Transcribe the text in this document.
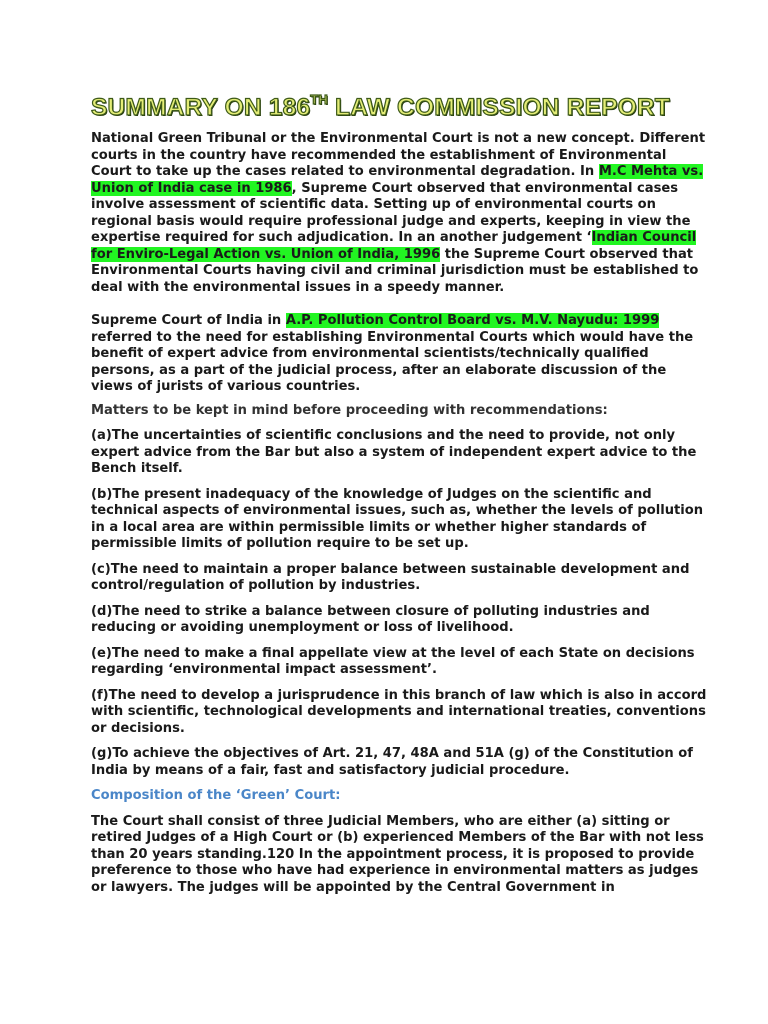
SUMMARY ON 186TH LAW COMMISSION REPORT

National Green Tribunal or the Environmental Court is not a new concept. Different courts in the country have recommended the establishment of Environmental Court to take up the cases related to environmental degradation. In M.C Mehta vs. Union of India case in 1986, Supreme Court observed that environmental cases involve assessment of scientific data. Setting up of environmental courts on regional basis would require professional judge and experts, keeping in view the expertise required for such adjudication. In an another judgement ‘Indian Council for Enviro-Legal Action vs. Union of India, 1996 the Supreme Court observed that Environmental Courts having civil and criminal jurisdiction must be established to deal with the environmental issues in a speedy manner.

Supreme Court of India in A.P. Pollution Control Board vs. M.V. Nayudu: 1999 referred to the need for establishing Environmental Courts which would have the benefit of expert advice from environmental scientists/technically qualified persons, as a part of the judicial process, after an elaborate discussion of the views of jurists of various countries.

Matters to be kept in mind before proceeding with recommendations:

(a)The uncertainties of scientific conclusions and the need to provide, not only expert advice from the Bar but also a system of independent expert advice to the Bench itself.

(b)The present inadequacy of the knowledge of Judges on the scientific and technical aspects of environmental issues, such as, whether the levels of pollution in a local area are within permissible limits or whether higher standards of permissible limits of pollution require to be set up.

(c)The need to maintain a proper balance between sustainable development and control/regulation of pollution by industries.

(d)The need to strike a balance between closure of polluting industries and reducing or avoiding unemployment or loss of livelihood.

(e)The need to make a final appellate view at the level of each State on decisions regarding ‘environmental impact assessment’.

(f)The need to develop a jurisprudence in this branch of law which is also in accord with scientific, technological developments and international treaties, conventions or decisions.

(g)To achieve the objectives of Art. 21, 47, 48A and 51A (g) of the Constitution of India by means of a fair, fast and satisfactory judicial procedure.

Composition of the ‘Green’ Court:

The Court shall consist of three Judicial Members, who are either (a) sitting or retired Judges of a High Court or (b) experienced Members of the Bar with not less than 20 years standing.120 In the appointment process, it is proposed to provide preference to those who have had experience in environmental matters as judges or lawyers. The judges will be appointed by the Central Government in
